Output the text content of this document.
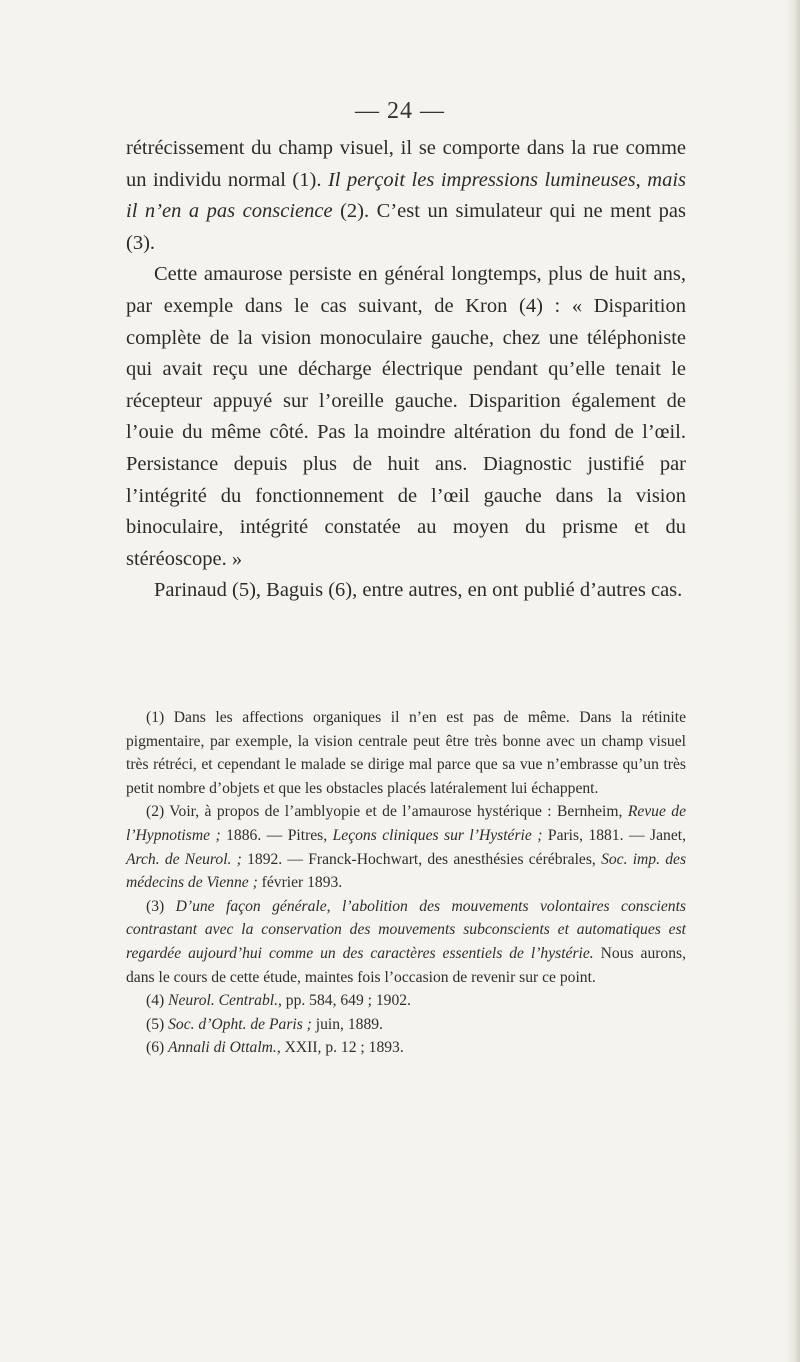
— 24 —

rétrécissement du champ visuel, il se comporte dans la rue comme un individu normal (1). Il perçoit les impressions lumineuses, mais il n’en a pas conscience (2). C’est un simulateur qui ne ment pas (3).

Cette amaurose persiste en général longtemps, plus de huit ans, par exemple dans le cas suivant, de Kron (4) : « Disparition complète de la vision monoculaire gauche, chez une téléphoniste qui avait reçu une décharge électrique pendant qu’elle tenait le récepteur appuyé sur l’oreille gauche. Disparition également de l’ouie du même côté. Pas la moindre altération du fond de l’œil. Persistance depuis plus de huit ans. Diagnostic justifié par l’intégrité du fonctionnement de l’œil gauche dans la vision binoculaire, intégrité constatée au moyen du prisme et du stéréoscope. »

Parinaud (5), Baguis (6), entre autres, en ont publié d’autres cas.

(1) Dans les affections organiques il n’en est pas de même. Dans la rétinite pigmentaire, par exemple, la vision centrale peut être très bonne avec un champ visuel très rétréci, et cependant le malade se dirige mal parce que sa vue n’embrasse qu’un très petit nombre d’objets et que les obstacles placés latéralement lui échappent.

(2) Voir, à propos de l’amblyopie et de l’amaurose hystérique : Bernheim, Revue de l’Hypnotisme ; 1886. — Pitres, Leçons cliniques sur l’Hystérie ; Paris, 1881. — Janet, Arch. de Neurol. ; 1892. — Franck-Hochwart, des anesthésies cérébrales, Soc. imp. des médecins de Vienne ; février 1893.

(3) D’une façon générale, l’abolition des mouvements volontaires conscients contrastant avec la conservation des mouvements subconscients et automatiques est regardée aujourd’hui comme un des caractères essentiels de l’hystérie. Nous aurons, dans le cours de cette étude, maintes fois l’occasion de revenir sur ce point.

(4) Neurol. Centrabl., pp. 584, 649 ; 1902.

(5) Soc. d’Opht. de Paris ; juin, 1889.

(6) Annali di Ottalm., XXII, p. 12 ; 1893.
